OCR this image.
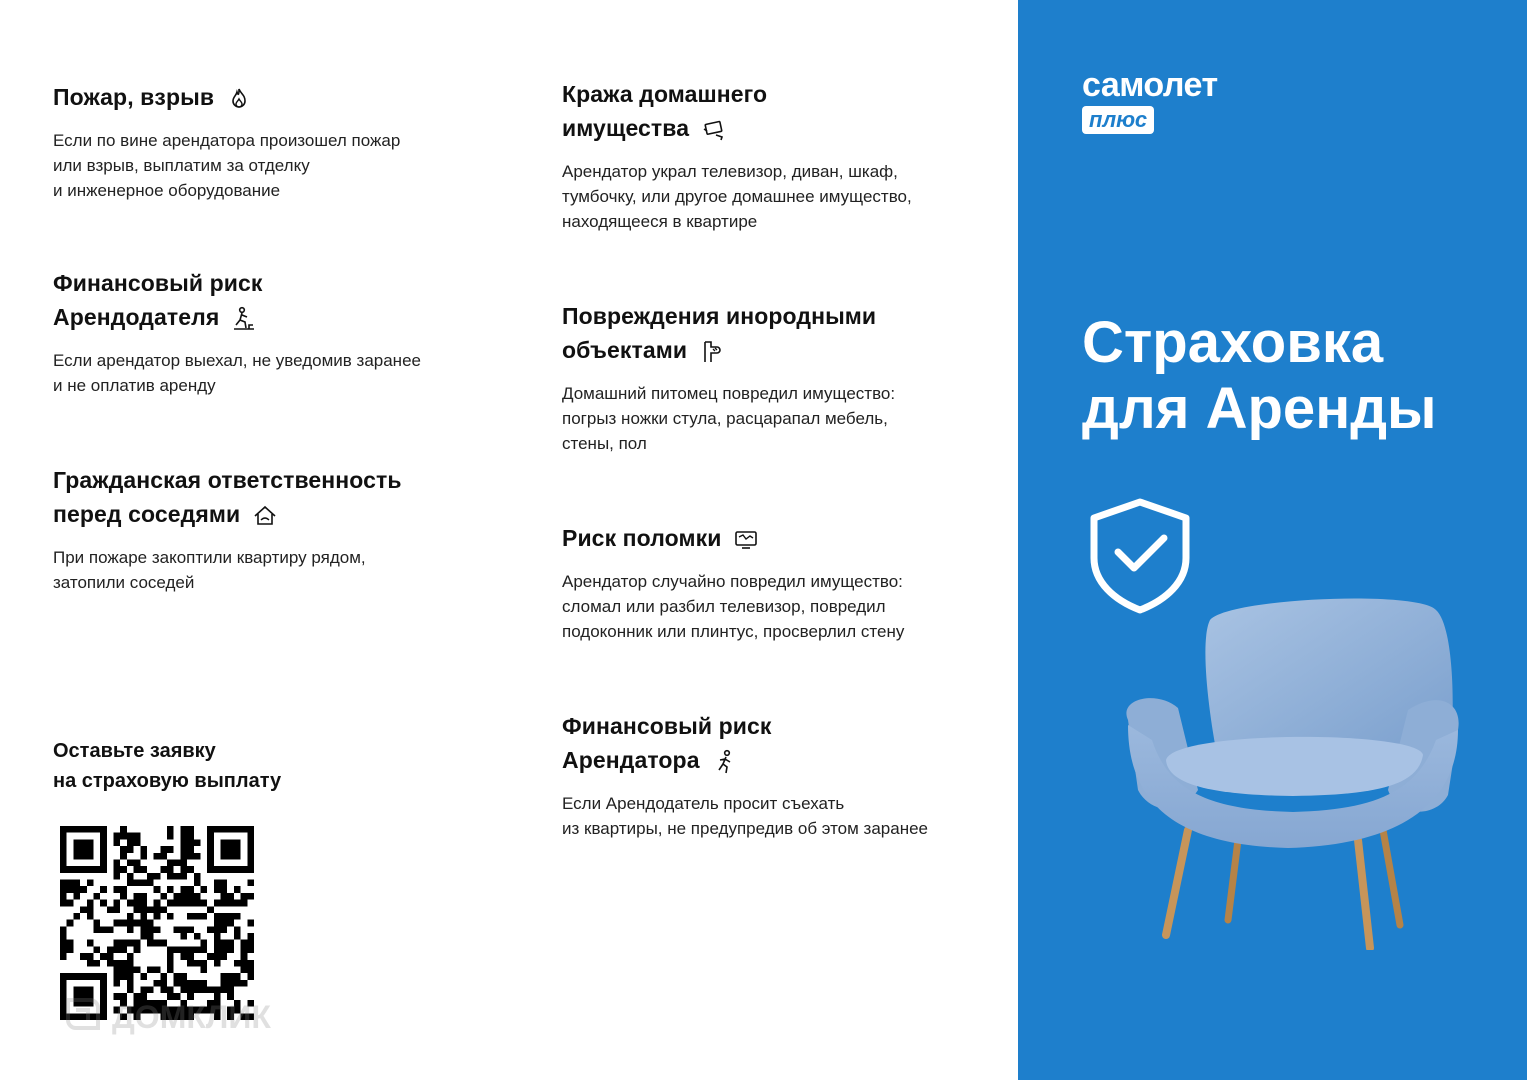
Пожар, взрыв
Если по вине арендатора произошел пожар
или взрыв, выплатим за отделку
и инженерное оборудование
Финансовый риск
Арендодателя
Если арендатор выехал, не уведомив заранее
и не оплатив аренду
Гражданская ответственность
перед соседями
При пожаре закоптили квартиру рядом,
затопили соседей
Кража домашнего
имущества
Арендатор украл телевизор, диван, шкаф,
тумбочку, или другое домашнее имущество,
находящееся в квартире
Повреждения инородными
объектами
Домашний питомец повредил имущество:
погрыз ножки стула, расцарапал мебель,
стены, пол
Риск поломки
Арендатор случайно повредил имущество:
сломал или разбил телевизор, повредил
подоконник или плинтус, просверлил стену
Финансовый риск
Арендатора
Если Арендодатель просит съехать
из квартиры, не предупредив об этом заранее
Оставьте заявку
на страховую выплату
ДОМКЛИК
самолет
плюс
Страховка
для Аренды
